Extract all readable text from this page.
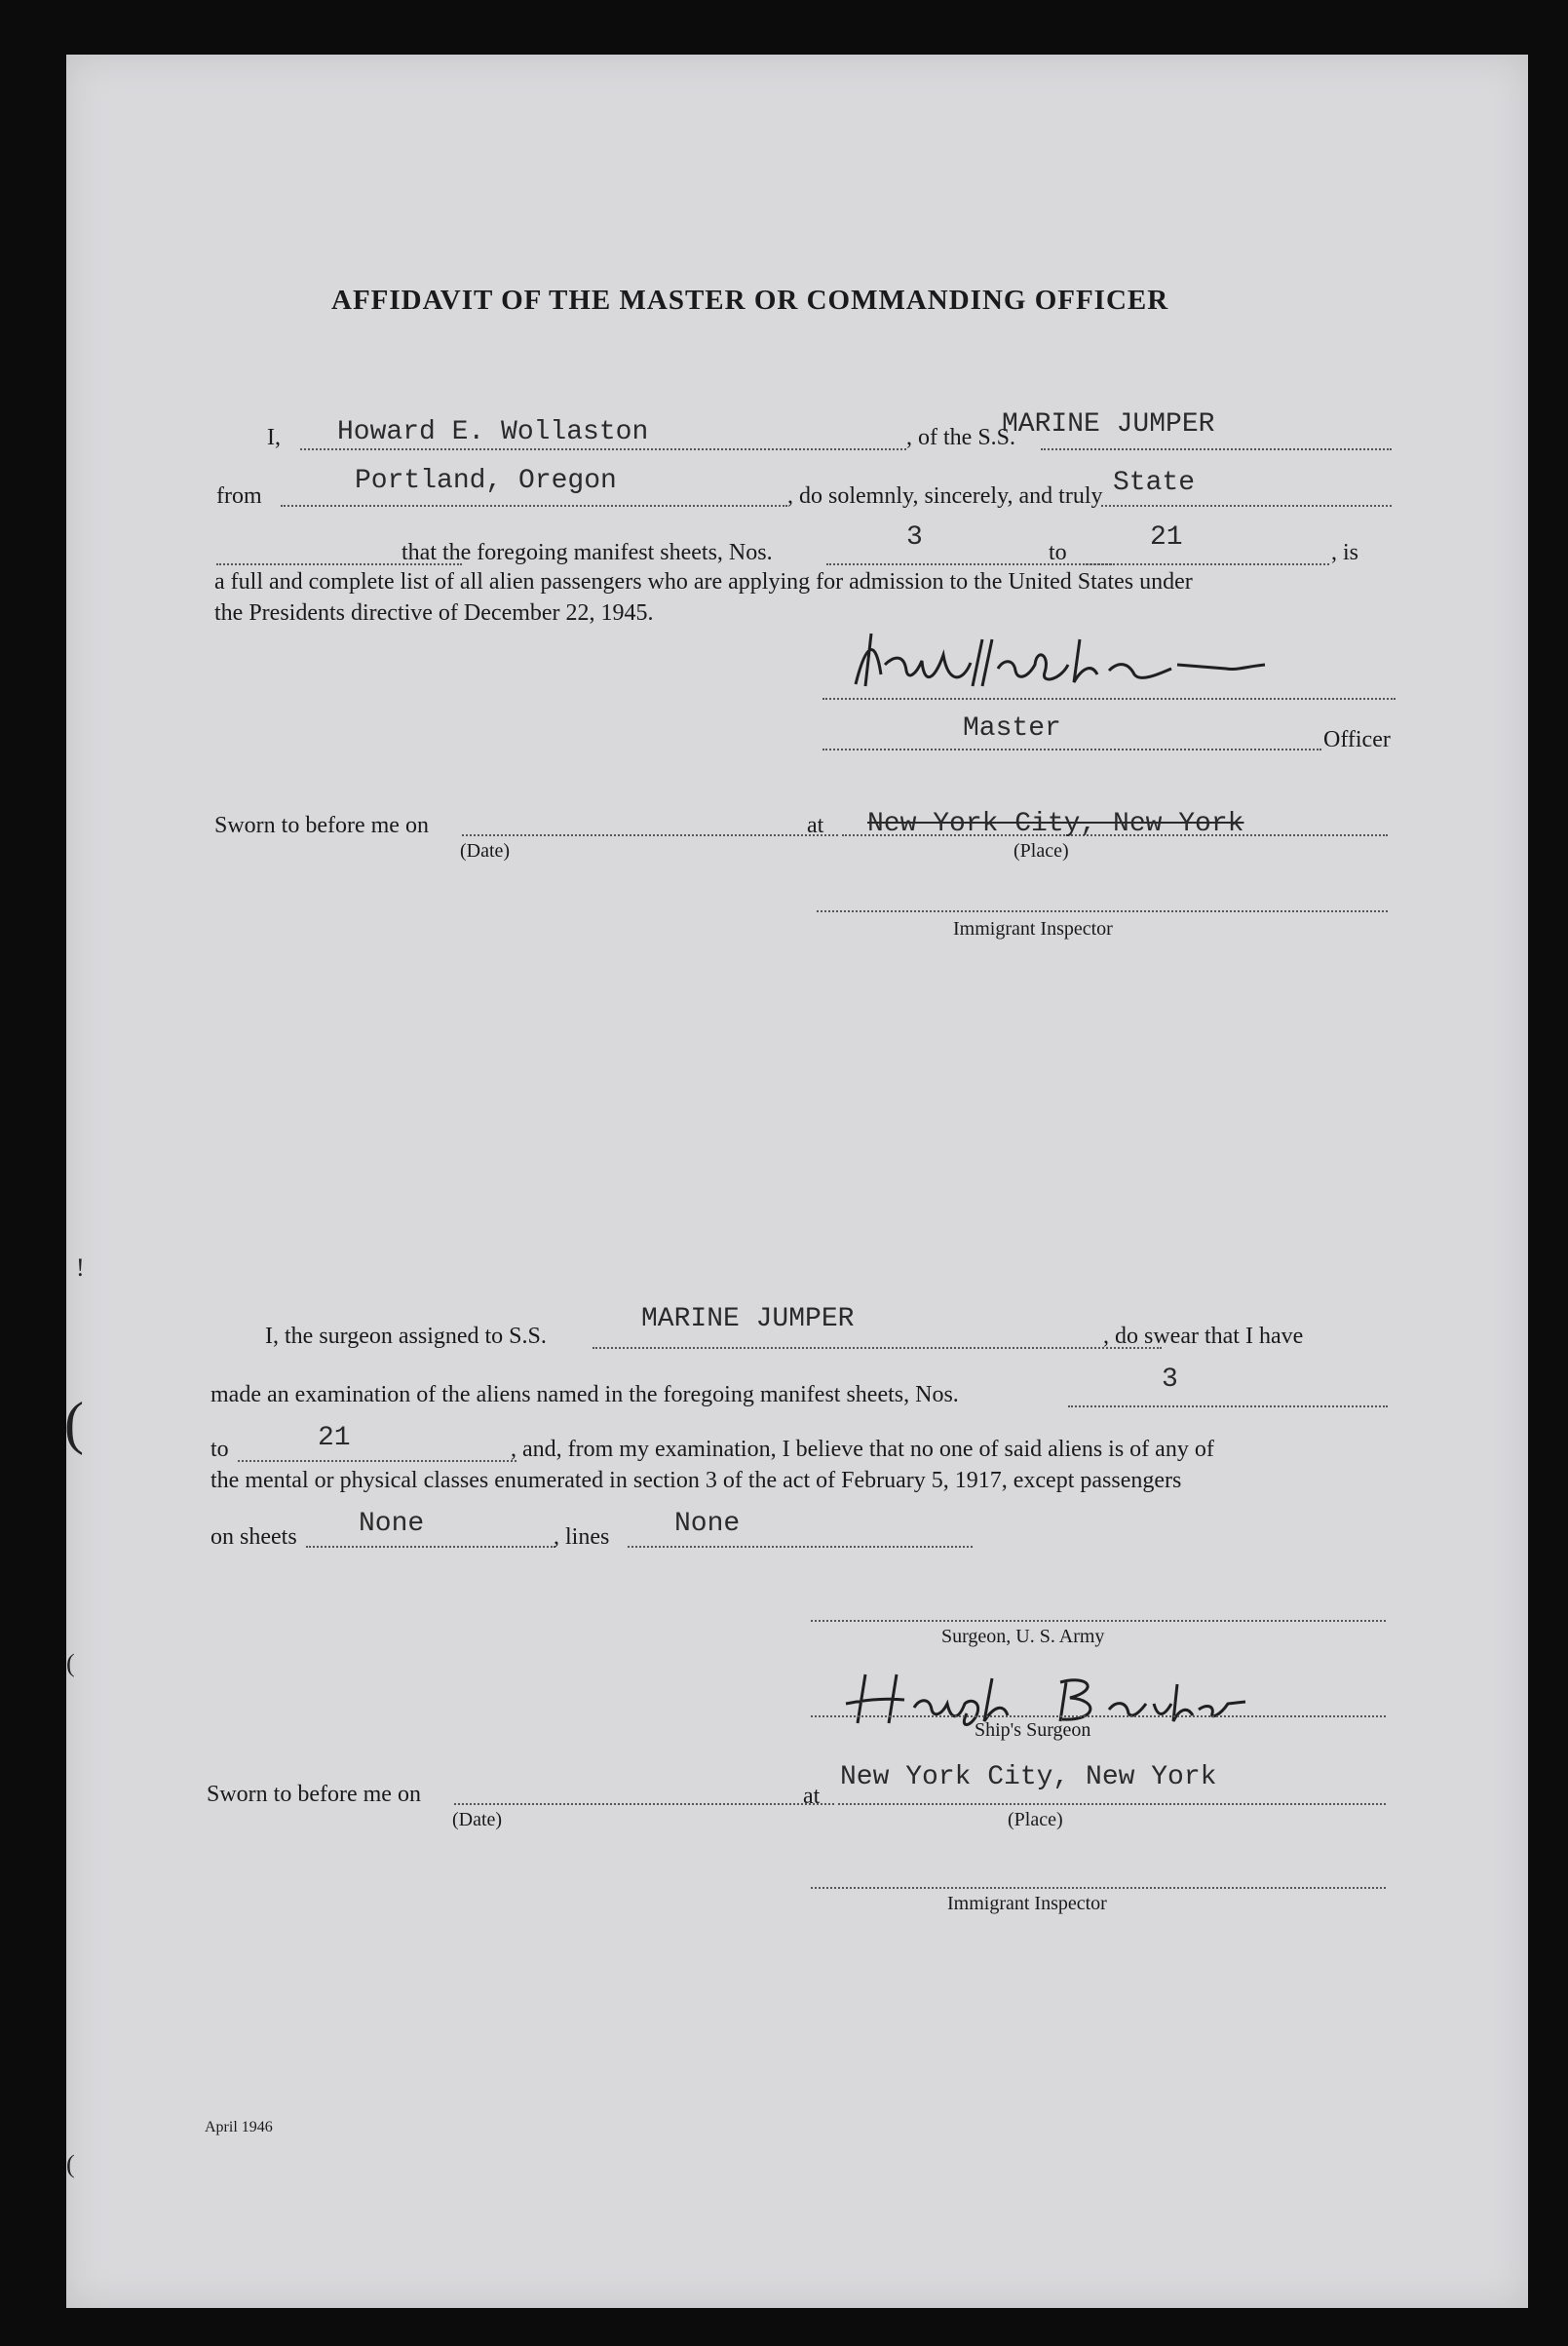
AFFIDAVIT OF THE MASTER OR COMMANDING OFFICER
I, Howard E. Wollaston	, of the S.S.
MARINE JUMPER
from	Portland, Oregon	, do solemnly, sincerely, and truly State
that the foregoing manifest sheets, Nos.	3	to	21	, is
a full and complete list of all alien passengers who are applying for admission to the United States under
the Presidents directive of December 22, 1945.
Master	Officer
Sworn to before me on
(Date)
at New York City, New York
(Place)
Immigrant Inspector
I, the surgeon assigned to S.S.
MARINE JUMPER
, do swear that I have
made an examination of the aliens named in the foregoing manifest sheets, Nos.	3
to	21	, and, from my examination, I believe that no one of said aliens is of any of
the mental or physical classes enumerated in section 3 of the act of February 5, 1917, except passengers
on sheets None	, lines None
Surgeon, U. S. Army
Ship's Surgeon
Sworn to before me on
(Date)
at
New York City, New York
(Place)
Immigrant Inspector
!
(
(
(
April 1946
